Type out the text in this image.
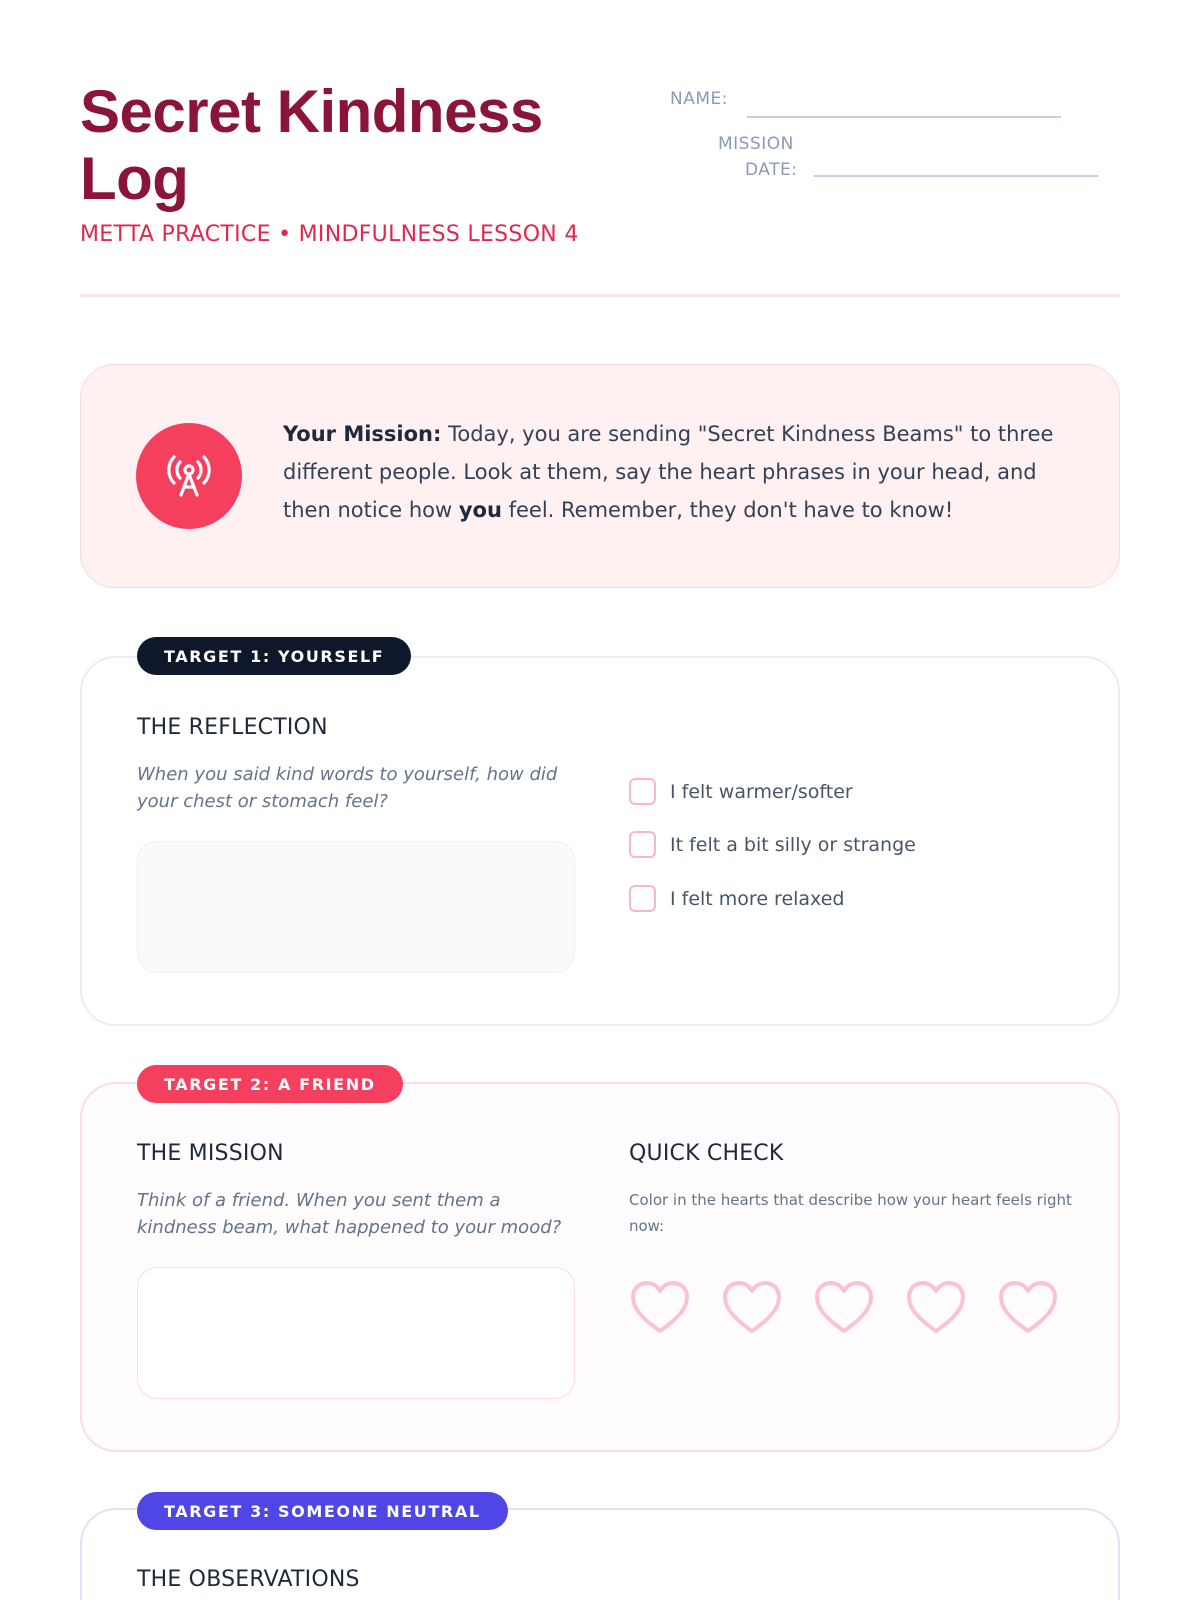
Secret Kindness Log
METTA PRACTICE • MINDFULNESS LESSON 4
NAME:
MISSION
DATE:
Your Mission: Today, you are sending "Secret Kindness Beams" to three different people. Look at them, say the heart phrases in your head, and then notice how you feel. Remember, they don't have to know!
THE REFLECTION
When you said kind words to yourself, how did your chest or stomach feel?	I felt warmer/softer
It felt a bit silly or strange
I felt more relaxed
TARGET 1: YOURSELF
THE MISSION
Think of a friend. When you sent them a kindness beam, what happened to your mood?
QUICK CHECK
Color in the hearts that describe how your heart feels right now:
TARGET 2: A FRIEND
THE OBSERVATIONS
TARGET 3: SOMEONE NEUTRAL
